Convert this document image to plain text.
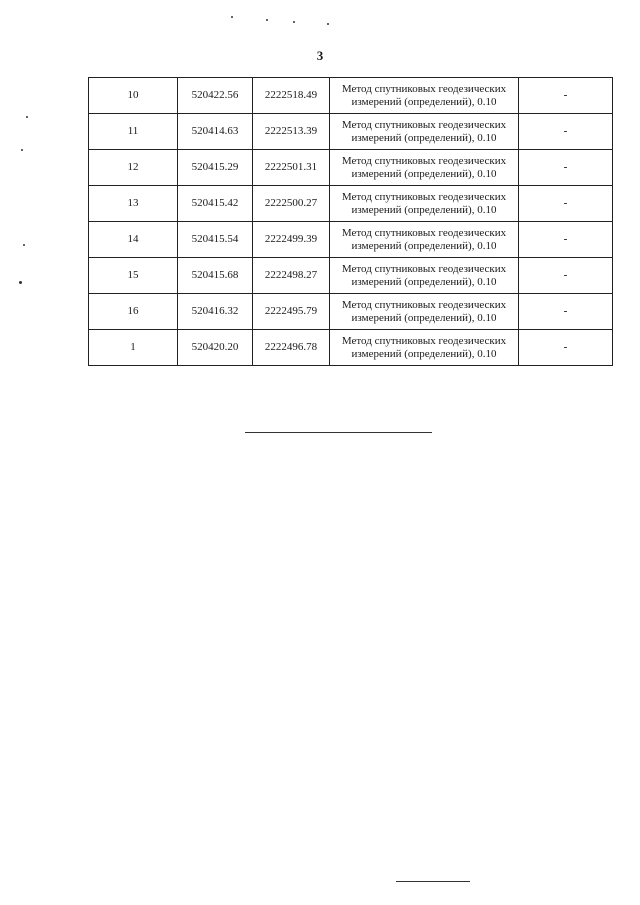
3
10	520422.56	2222518.49	Метод спутниковых геодезических
измерений (определений), 0.10	-
11	520414.63	2222513.39	Метод спутниковых геодезических
измерений (определений), 0.10	-
12	520415.29	2222501.31	Метод спутниковых геодезических
измерений (определений), 0.10	-
13	520415.42	2222500.27	Метод спутниковых геодезических
измерений (определений), 0.10	-
14	520415.54	2222499.39	Метод спутниковых геодезических
измерений (определений), 0.10	-
15	520415.68	2222498.27	Метод спутниковых геодезических
измерений (определений), 0.10	-
16	520416.32	2222495.79	Метод спутниковых геодезических
измерений (определений), 0.10	-
1	520420.20	2222496.78	Метод спутниковых геодезических
измерений (определений), 0.10	-
